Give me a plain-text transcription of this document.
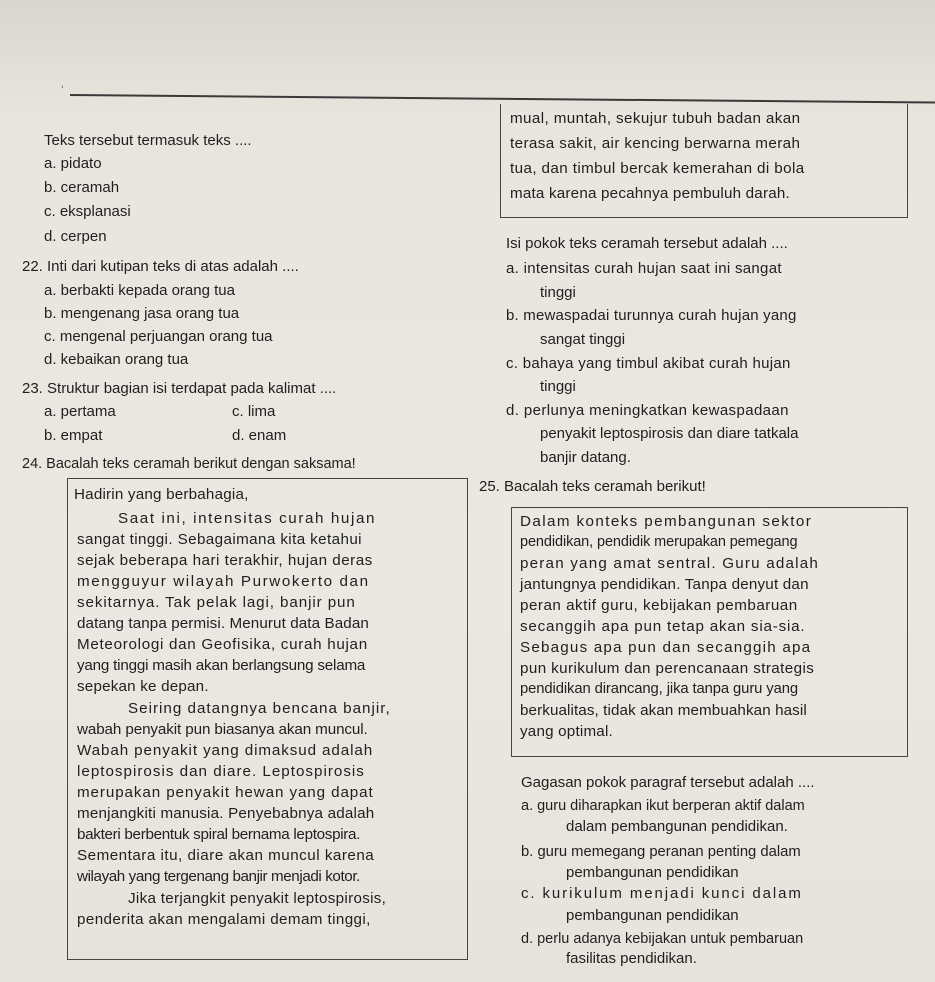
ʾ
Teks tersebut termasuk teks ....
a. pidato
b. ceramah
c. eksplanasi
d. cerpen
22. Inti dari kutipan teks di atas adalah ....
a. berbakti kepada orang tua
b. mengenang jasa orang tua
c. mengenal perjuangan orang tua
d. kebaikan orang tua
23. Struktur bagian isi terdapat pada kalimat ....
a. pertama
b. empat
c. lima
d. enam
24. Bacalah teks ceramah berikut dengan saksama!
Hadirin yang berbahagia,
Saat ini, intensitas curah hujan
sangat tinggi. Sebagaimana kita ketahui
sejak beberapa hari terakhir, hujan deras
mengguyur wilayah Purwokerto dan
sekitarnya. Tak pelak lagi, banjir pun
datang tanpa permisi. Menurut data Badan
Meteorologi dan Geofisika, curah hujan
yang tinggi masih akan berlangsung selama
sepekan ke depan.
Seiring datangnya bencana banjir,
wabah penyakit pun biasanya akan muncul.
Wabah penyakit yang dimaksud adalah
leptospirosis dan diare. Leptospirosis
merupakan penyakit hewan yang dapat
menjangkiti manusia. Penyebabnya adalah
bakteri berbentuk spiral bernama leptospira.
Sementara itu, diare akan muncul karena
wilayah yang tergenang banjir menjadi kotor.
Jika terjangkit penyakit leptospirosis,
penderita akan mengalami demam tinggi,
mual, muntah, sekujur tubuh badan akan
terasa sakit, air kencing berwarna merah
tua, dan timbul bercak kemerahan di bola
mata karena pecahnya pembuluh darah.
Isi pokok teks ceramah tersebut adalah ....
a. intensitas curah hujan saat ini sangat
tinggi
b. mewaspadai turunnya curah hujan yang
sangat tinggi
c. bahaya yang timbul akibat curah hujan
tinggi
d. perlunya meningkatkan kewaspadaan
penyakit leptospirosis dan diare tatkala
banjir datang.
25. Bacalah teks ceramah berikut!
Dalam konteks pembangunan sektor
pendidikan, pendidik merupakan pemegang
peran yang amat sentral. Guru adalah
jantungnya pendidikan. Tanpa denyut dan
peran aktif guru, kebijakan pembaruan
secanggih apa pun tetap akan sia-sia.
Sebagus apa pun dan secanggih apa
pun kurikulum dan perencanaan strategis
pendidikan dirancang, jika tanpa guru yang
berkualitas, tidak akan membuahkan hasil
yang optimal.
Gagasan pokok paragraf tersebut adalah ....
a. guru diharapkan ikut berperan aktif dalam
dalam pembangunan pendidikan.
b. guru memegang peranan penting dalam
pembangunan pendidikan
c. kurikulum menjadi kunci dalam
pembangunan pendidikan
d. perlu adanya kebijakan untuk pembaruan
fasilitas pendidikan.
